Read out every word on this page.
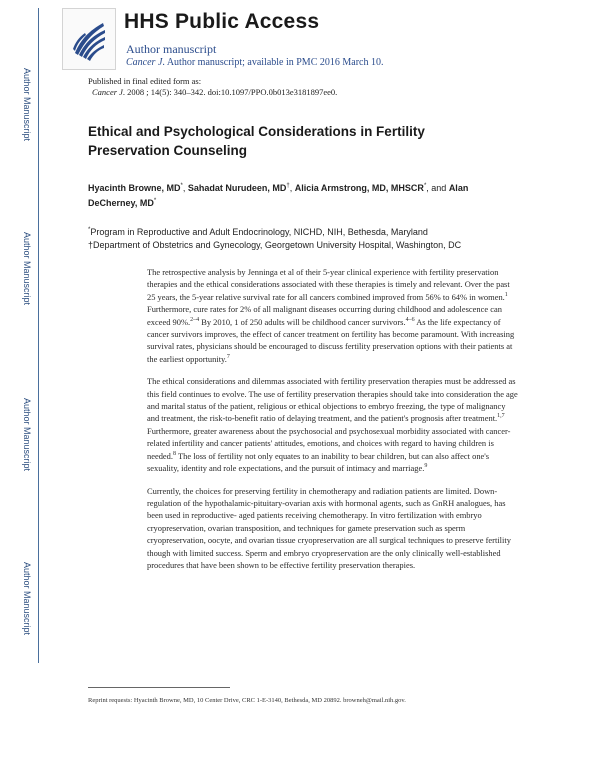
Author Manuscript
Author Manuscript
Author Manuscript
Author Manuscript
HHS Public Access
Author manuscript
Cancer J. Author manuscript; available in PMC 2016 March 10.
Published in final edited form as:
Cancer J. 2008 ; 14(5): 340–342. doi:10.1097/PPO.0b013e3181897ee0.
Ethical and Psychological Considerations in Fertility Preservation Counseling
Hyacinth Browne, MD*, Sahadat Nurudeen, MD†, Alicia Armstrong, MD, MHSCR*, and Alan DeCherney, MD*
*Program in Reproductive and Adult Endocrinology, NICHD, NIH, Bethesda, Maryland
†Department of Obstetrics and Gynecology, Georgetown University Hospital, Washington, DC

The retrospective analysis by Jenninga et al of their 5-year clinical experience with fertility preservation therapies and the ethical considerations associated with these therapies is timely and relevant. Over the past 25 years, the 5-year relative survival rate for all cancers combined improved from 56% to 64% in women.$^1$ Furthermore, cure rates for 2% of all malignant diseases occurring during childhood and adolescence can exceed 90%.$^{2-4}$ By 2010, 1 of 250 adults will be childhood cancer survivors.$^{4-6}$ As the life expectancy of cancer survivors improves, the effect of cancer treatment on fertility has become paramount. With increasing survival rates, physicians should be encouraged to discuss fertility preservation options with their patients at the earliest opportunity.$^7$

The ethical considerations and dilemmas associated with fertility preservation therapies must be addressed as this field continues to evolve. The use of fertility preservation therapies should take into consideration the age and marital status of the patient, religious or ethical objections to embryo freezing, the type of malignancy and treatment, the risk-to-benefit ratio of delaying treatment, and the patient's prognosis after treatment.$^{1,7}$ Furthermore, greater awareness about the psychosocial and psychosexual morbidity associated with cancer-related infertility and cancer patients' attitudes, emotions, and choices with regard to having children is needed.$^8$ The loss of fertility not only equates to an inability to bear children, but can also affect one's sexuality, identity and role expectations, and the pursuit of intimacy and marriage.$^9$

Currently, the choices for preserving fertility in chemotherapy and radiation patients are limited. Down-regulation of the hypothalamic-pituitary-ovarian axis with hormonal agents, such as GnRH analogues, has been used in reproductive- aged patients receiving chemotherapy. In vitro fertilization with embryo cryopreservation, ovarian transposition, and techniques for gamete preservation such as sperm cryopreservation, oocyte, and ovarian tissue cryopreservation are all surgical techniques to preserve fertility though with limited success. Sperm and embryo cryopreservation are the only clinically well-established procedures that have been shown to be effective fertility preservation therapies.

Reprint requests: Hyacinth Browne, MD, 10 Center Drive, CRC 1-E-3140, Bethesda, MD 20892. browneh@mail.nih.gov.
